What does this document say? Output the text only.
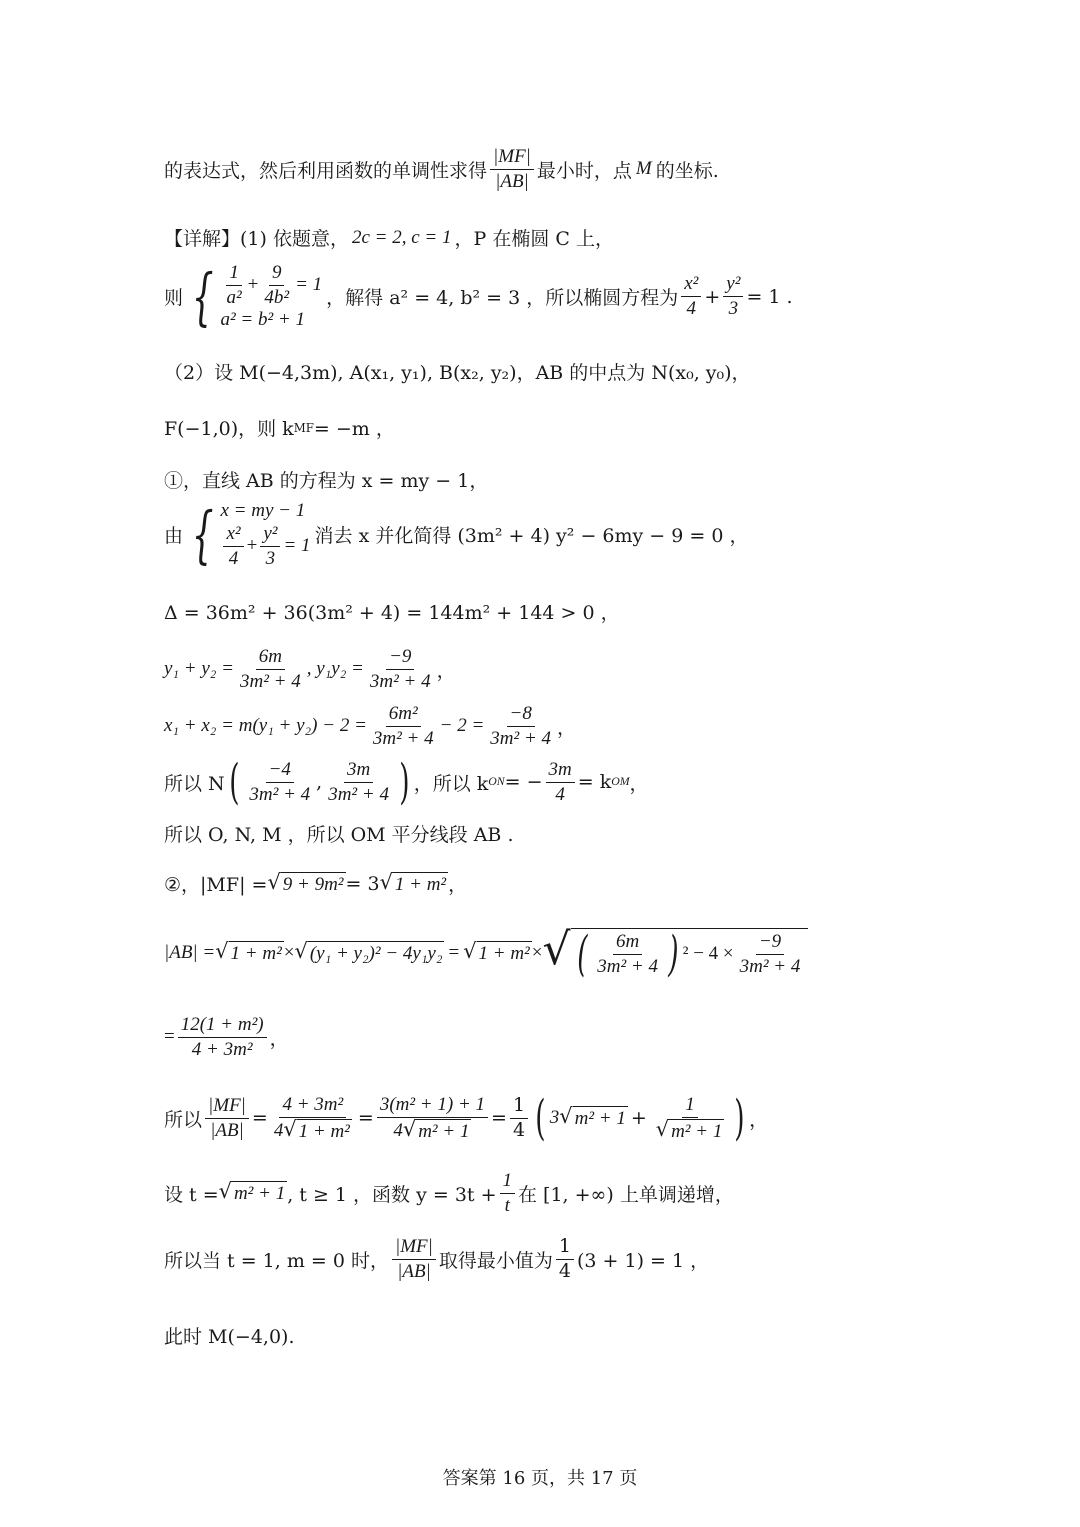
的表达式，然后利用函数的单调性求得 $\frac{|MF|}{|AB|}$ 最小时，点 M 的坐标.
【详解】 (1) 依题意， 2c = 2, c = 1 ，P 在椭圆 C 上，
则 { $\frac{1}{\text{a²}} + \frac{9}{\text{4b²}} = 1$
a² = b² + 1
，解得 a² = 4, b² = 3 ，所以椭圆方程为 $\frac{\text{x²}}{4} + \frac{\text{y²}}{3} = 1$ .
（2）设 M(−4,3m), A(x₁, y₁), B(x₂, y₂)，AB 的中点为 N(x₀, y₀)，
F(−1,0)，则 k MF = −m ，
①，直线 AB 的方程为 x = my − 1，
由 { x = my − 1
$\frac{\text{x²}}{4} + \frac{\text{y²}}{3} = 1$ 消去 x 并化简得 (3m² + 4) y² − 6my − 9 = 0 ，
Δ = 36m² + 36(3m² + 4) = 144m² + 144 > 0 ，
$y_1 + y_2 = \frac{6m}{\text{3m² + 4}}$ , $y_1y_2 = \frac{-9}{\text{3m² + 4}}$ ，
$x_1 + x_2 = m(y_1 + y_2) - 2 = \frac{\text{6m²}}{\text{3m² + 4}} - 2 = \frac{-8}{\text{3m² + 4}}$ ，
所以 N ( $\frac{-4}{\text{3m² + 4}}$ , $\frac{3m}{\text{3m² + 4}}$ ) ，所以 k ON = − $\frac{3m}{4} = k$ OM ，
所以 O, N, M ，所以 OM 平分线段 AB .
②，|MF| = √ 9 + 9m² = 3 √ 1 + m² ，
|AB| = √ 1 + m² × √ (y₁ + y₂)² − 4y₁y₂ = √ 1 + m² × √ ( $\frac{6m}{\text{3m² + 4}}$ ) $^2 - 4 \times \frac{-9}{\text{3m² + 4}}$
= $\frac{\text{12(1 + m²)}}{\text{4 + 3m²}}$ ，
所以 $\frac{|MF|}{|AB|} = \frac{\text{4 + 3m²}}{\text{4 √ 1 + m²}} = \frac{\text{3(m² + 1) + 1}}{\text{4 √ m² + 1}} = \frac{1}{4}$ ( 3 √ $m^2 + 1 + \frac{1}{\text{√ m² + 1}}$ ) ，
设 t = √ m² + 1 , t ≥ 1 ，函数 $y = 3t + \frac{1}{t}$ 在 [1, +∞) 上单调递增，
所以当 t = 1, m = 0 时， $\frac{|MF|}{|AB|}$ 取得最小值为 $\frac{1}{4} (3 + 1) = 1$ ，
此时 M(−4,0).
答案第 16 页，共 17 页
